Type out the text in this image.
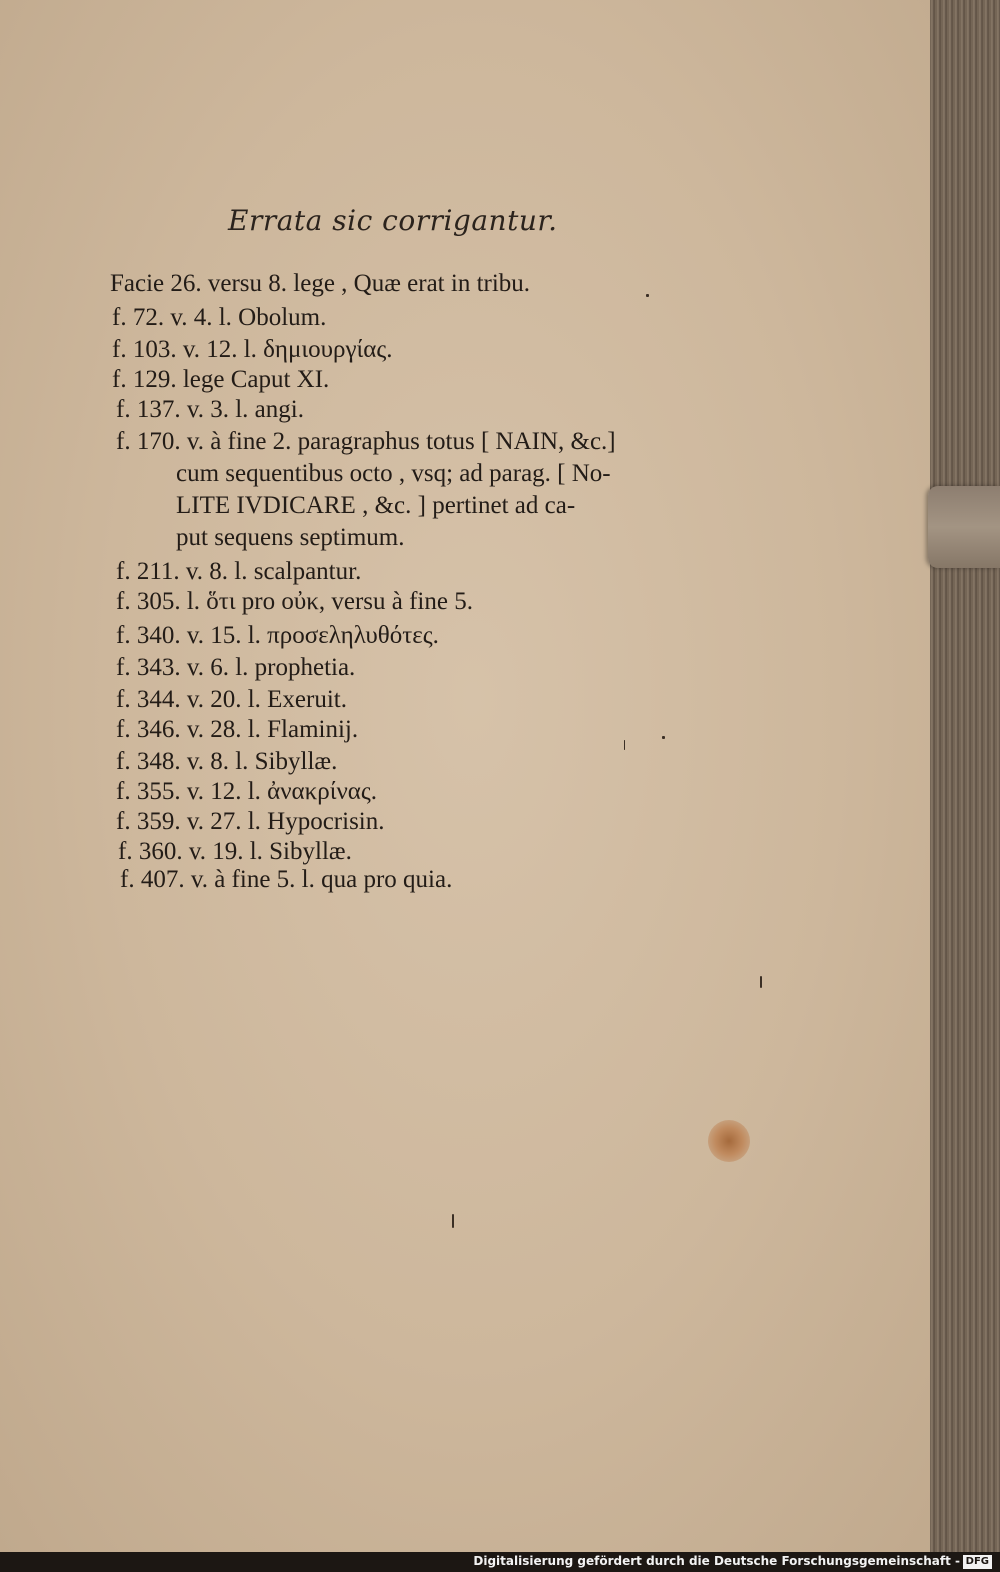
Errata sic corrigantur.
Facie 26. versu 8. lege , Quæ erat in tribu.
f. 72. v. 4. l. Obolum.
f. 103. v. 12. l. δημιουργίας.
f. 129. lege Caput XI.
f. 137. v. 3. l. angi.
f. 170. v. à fine 2. paragraphus totus [ NAIN, &c.]
cum sequentibus octo , vsq; ad parag. [ No-
LITE IVDICARE , &c. ] pertinet ad ca-
put sequens septimum.
f. 211. v. 8. l. scalpantur.
f. 305. l. ὅτι pro οὐκ, versu à fine 5.
f. 340. v. 15. l. προσεληλυθότες.
f. 343. v. 6. l. prophetia.
f. 344. v. 20. l. Exeruit.
f. 346. v. 28. l. Flaminij.
f. 348. v. 8. l. Sibyllæ.
f. 355. v. 12. l. ἀνακρίνας.
f. 359. v. 27. l. Hypocrisin.
f. 360. v. 19. l. Sibyllæ.
f. 407. v. à fine 5. l. qua pro quia.
Digitalisierung gefördert durch die Deutsche Forschungsgemeinschaft - DFG
